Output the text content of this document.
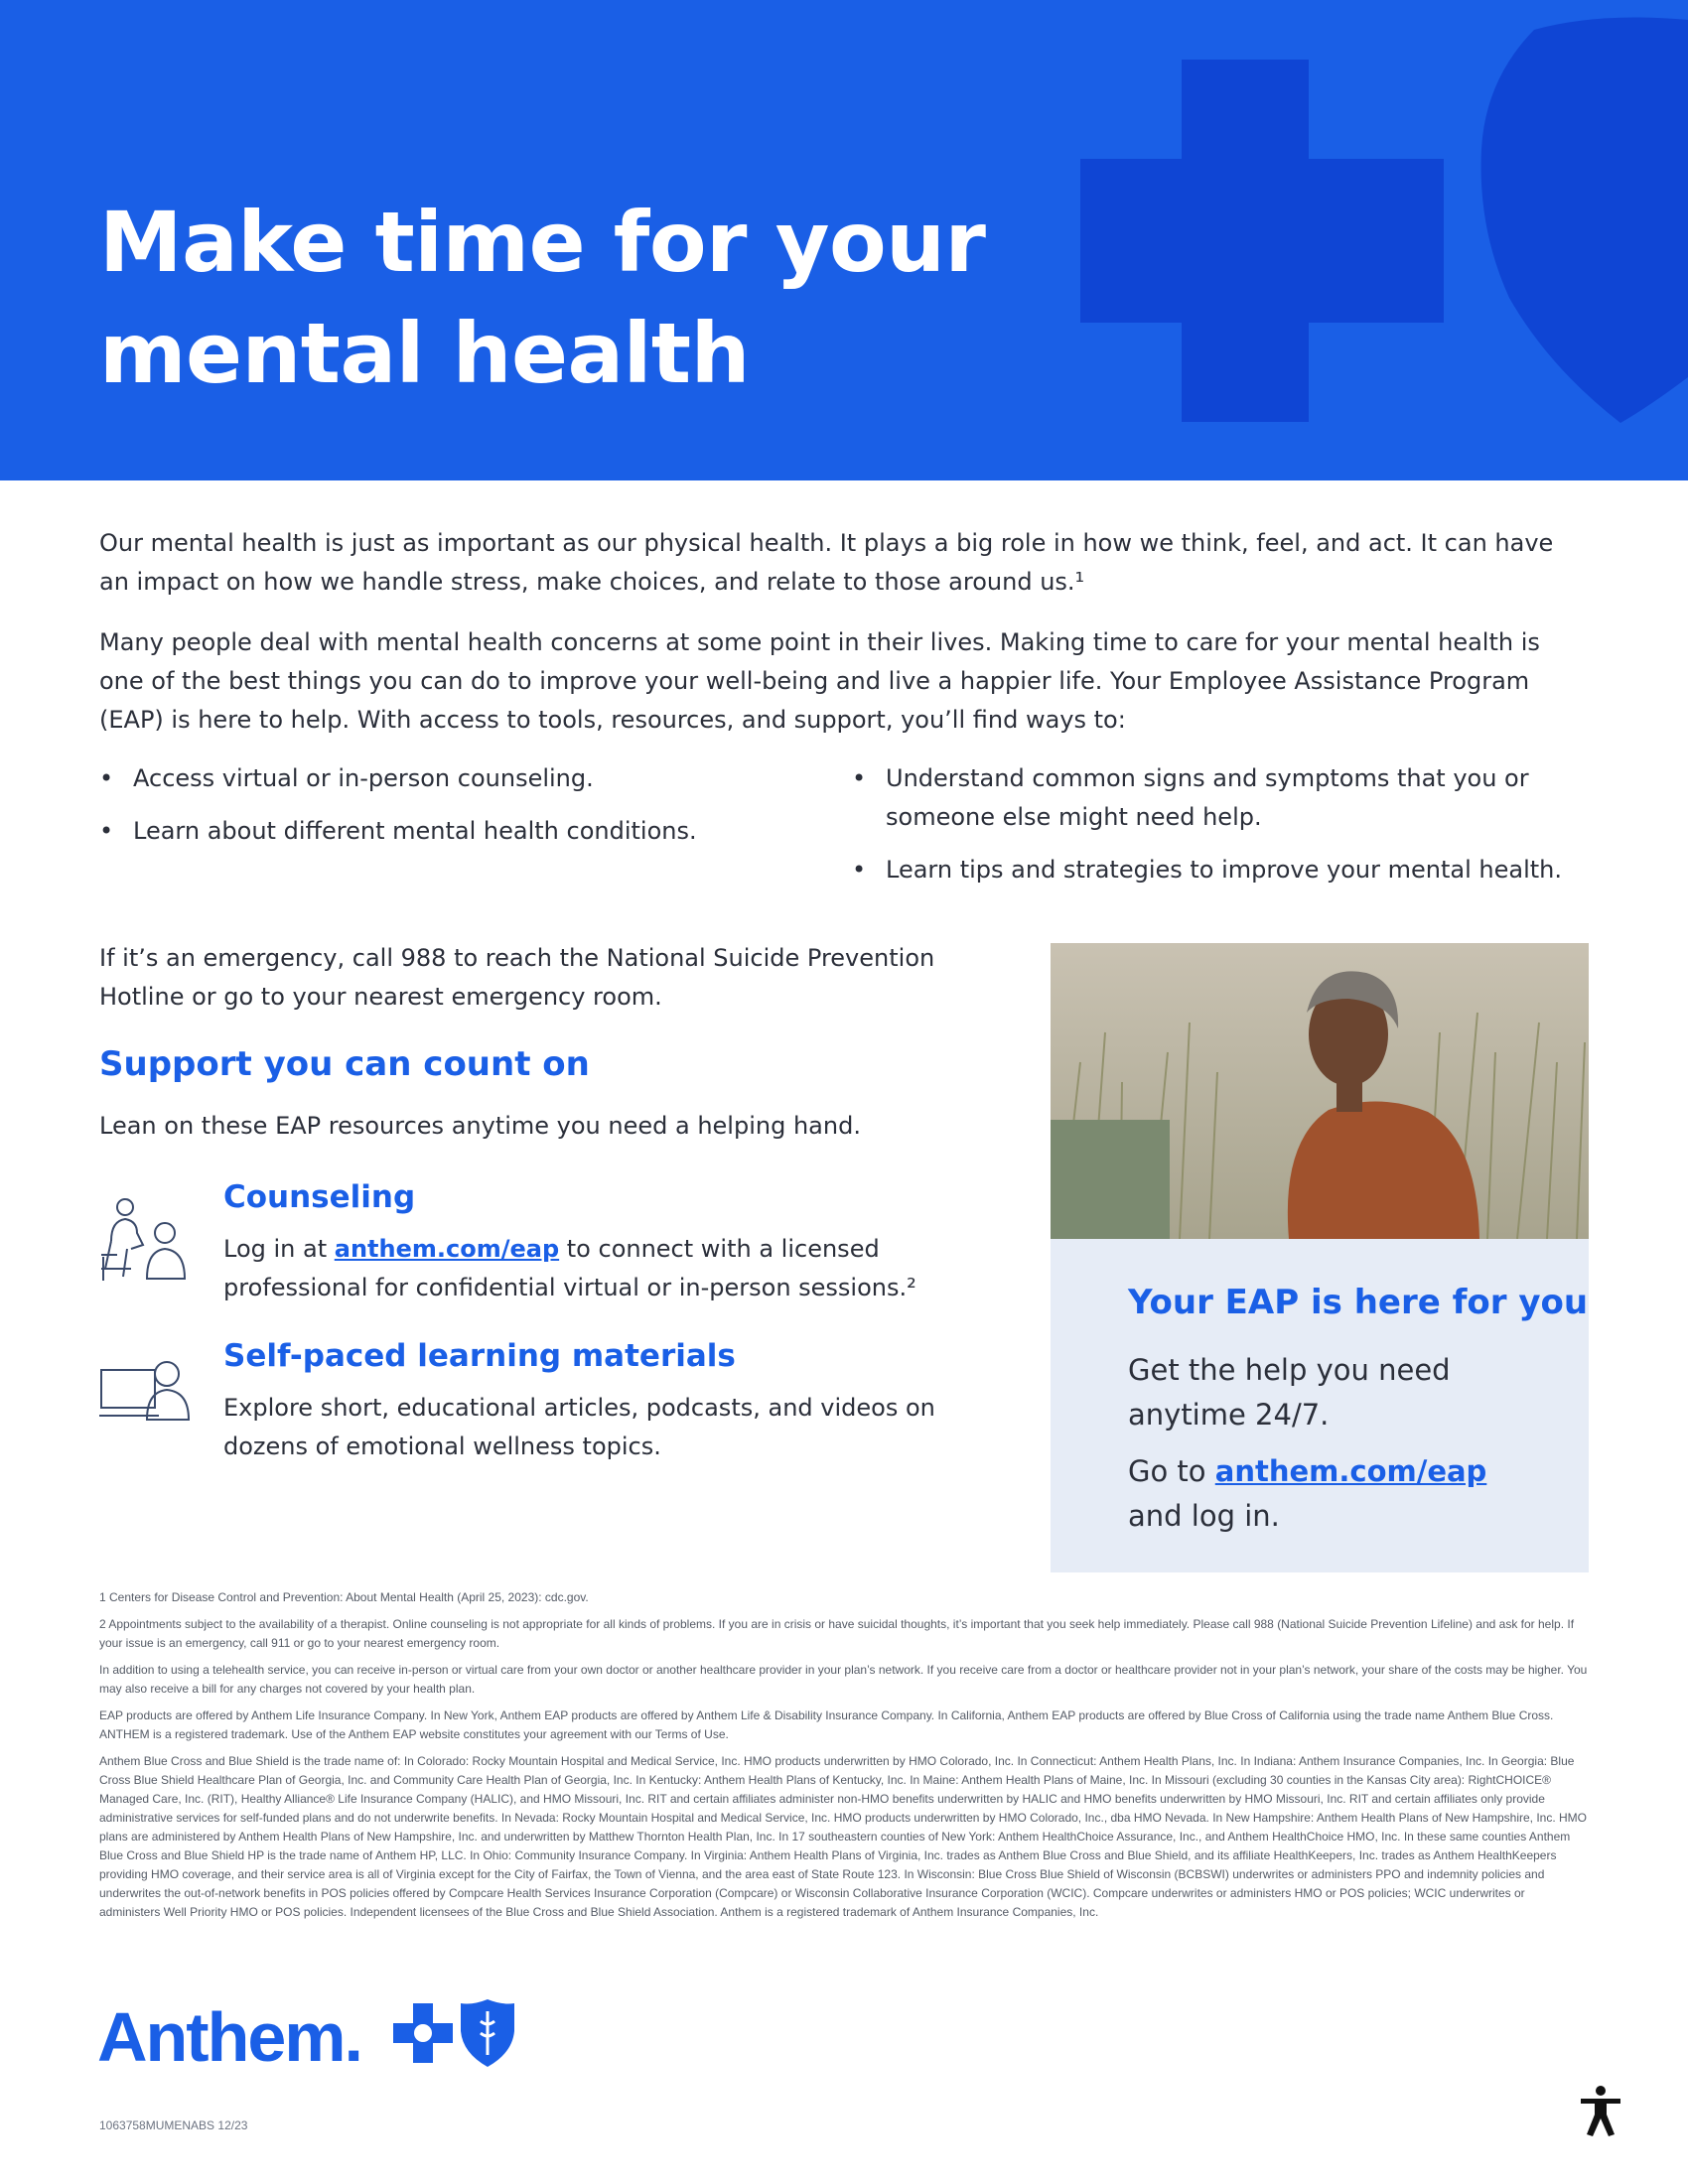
Make time for your mental health

Our mental health is just as important as our physical health. It plays a big role in how we think, feel, and act. It can have an impact on how we handle stress, make choices, and relate to those around us.¹

Many people deal with mental health concerns at some point in their lives. Making time to care for your mental health is one of the best things you can do to improve your well-being and live a happier life. Your Employee Assistance Program (EAP) is here to help. With access to tools, resources, and support, you’ll find ways to:

• Access virtual or in-person counseling.
• Learn about different mental health conditions.
• Understand common signs and symptoms that you or someone else might need help.
• Learn tips and strategies to improve your mental health.

If it’s an emergency, call 988 to reach the National Suicide Prevention Hotline or go to your nearest emergency room.

Support you can count on

Lean on these EAP resources anytime you need a helping hand.

Counseling

Log in at anthem.com/eap to connect with a licensed professional for confidential virtual or in-person sessions.²

Self-paced learning materials

Explore short, educational articles, podcasts, and videos on dozens of emotional wellness topics.

Your EAP is here for you

Get the help you need anytime 24/7.

Go to anthem.com/eap and log in.

1 Centers for Disease Control and Prevention: About Mental Health (April 25, 2023): cdc.gov.

2 Appointments subject to the availability of a therapist. Online counseling is not appropriate for all kinds of problems. If you are in crisis or have suicidal thoughts, it’s important that you seek help immediately. Please call 988 (National Suicide Prevention Lifeline) and ask for help. If your issue is an emergency, call 911 or go to your nearest emergency room.

In addition to using a telehealth service, you can receive in-person or virtual care from your own doctor or another healthcare provider in your plan’s network. If you receive care from a doctor or healthcare provider not in your plan’s network, your share of the costs may be higher. You may also receive a bill for any charges not covered by your health plan.

EAP products are offered by Anthem Life Insurance Company. In New York, Anthem EAP products are offered by Anthem Life & Disability Insurance Company. In California, Anthem EAP products are offered by Blue Cross of California using the trade name Anthem Blue Cross. ANTHEM is a registered trademark. Use of the Anthem EAP website constitutes your agreement with our Terms of Use.

Anthem Blue Cross and Blue Shield is the trade name of: In Colorado: Rocky Mountain Hospital and Medical Service, Inc. HMO products underwritten by HMO Colorado, Inc. In Connecticut: Anthem Health Plans, Inc. In Indiana: Anthem Insurance Companies, Inc. In Georgia: Blue Cross Blue Shield Healthcare Plan of Georgia, Inc. and Community Care Health Plan of Georgia, Inc. In Kentucky: Anthem Health Plans of Kentucky, Inc. In Maine: Anthem Health Plans of Maine, Inc. In Missouri (excluding 30 counties in the Kansas City area): RightCHOICE® Managed Care, Inc. (RIT), Healthy Alliance® Life Insurance Company (HALIC), and HMO Missouri, Inc. RIT and certain affiliates administer non-HMO benefits underwritten by HALIC and HMO benefits underwritten by HMO Missouri, Inc. RIT and certain affiliates only provide administrative services for self-funded plans and do not underwrite benefits. In Nevada: Rocky Mountain Hospital and Medical Service, Inc. HMO products underwritten by HMO Colorado, Inc., dba HMO Nevada. In New Hampshire: Anthem Health Plans of New Hampshire, Inc. HMO plans are administered by Anthem Health Plans of New Hampshire, Inc. and underwritten by Matthew Thornton Health Plan, Inc. In 17 southeastern counties of New York: Anthem HealthChoice Assurance, Inc., and Anthem HealthChoice HMO, Inc. In these same counties Anthem Blue Cross and Blue Shield HP is the trade name of Anthem HP, LLC. In Ohio: Community Insurance Company. In Virginia: Anthem Health Plans of Virginia, Inc. trades as Anthem Blue Cross and Blue Shield, and its affiliate HealthKeepers, Inc. trades as Anthem HealthKeepers providing HMO coverage, and their service area is all of Virginia except for the City of Fairfax, the Town of Vienna, and the area east of State Route 123. In Wisconsin: Blue Cross Blue Shield of Wisconsin (BCBSWI) underwrites or administers PPO and indemnity policies and underwrites the out-of-network benefits in POS policies offered by Compcare Health Services Insurance Corporation (Compcare) or Wisconsin Collaborative Insurance Corporation (WCIC). Compcare underwrites or administers HMO or POS policies; WCIC underwrites or administers Well Priority HMO or POS policies. Independent licensees of the Blue Cross and Blue Shield Association. Anthem is a registered trademark of Anthem Insurance Companies, Inc.

Anthem.
1063758MUMENABS 12/23
